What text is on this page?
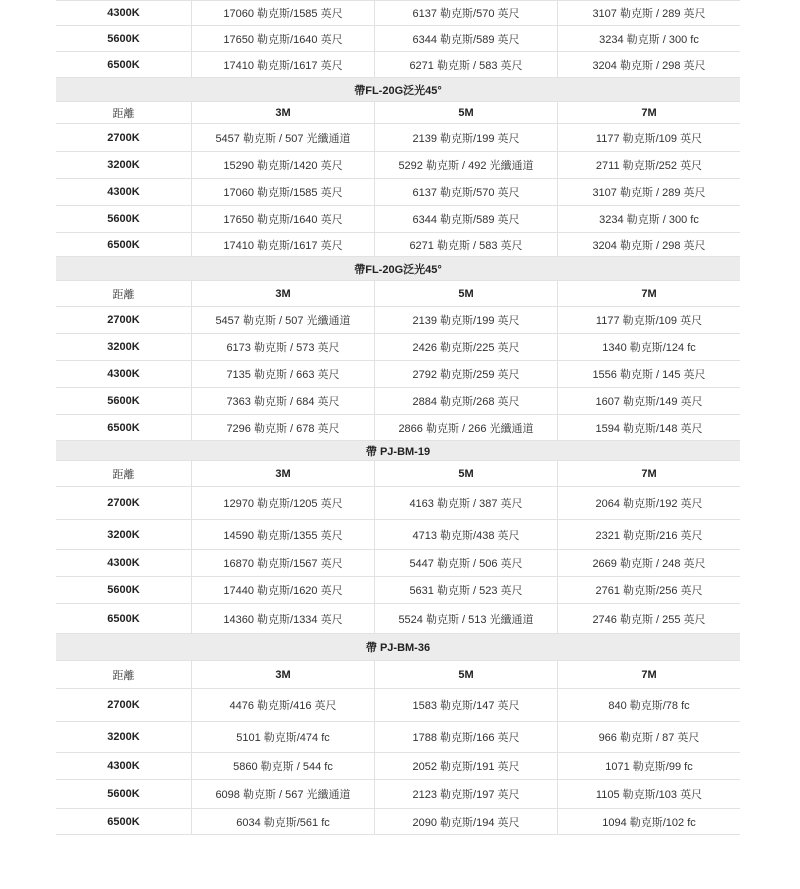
4300K	17060 勒克斯/1585 英尺	6137 勒克斯/570 英尺	3107 勒克斯 / 289 英尺
5600K	17650 勒克斯/1640 英尺	6344 勒克斯/589 英尺	3234 勒克斯 / 300 fc
6500K	17410 勒克斯/1617 英尺	6271 勒克斯 / 583 英尺	3204 勒克斯 / 298 英尺
帶FL-20G泛光45°
距離	3M	5M	7M
2700K	5457 勒克斯 / 507 光纖通道	2139 勒克斯/199 英尺	1177 勒克斯/109 英尺
3200K	15290 勒克斯/1420 英尺	5292 勒克斯 / 492 光纖通道	2711 勒克斯/252 英尺
4300K	17060 勒克斯/1585 英尺	6137 勒克斯/570 英尺	3107 勒克斯 / 289 英尺
5600K	17650 勒克斯/1640 英尺	6344 勒克斯/589 英尺	3234 勒克斯 / 300 fc
6500K	17410 勒克斯/1617 英尺	6271 勒克斯 / 583 英尺	3204 勒克斯 / 298 英尺
帶FL-20G泛光45°
距離	3M	5M	7M
2700K	5457 勒克斯 / 507 光纖通道	2139 勒克斯/199 英尺	1177 勒克斯/109 英尺
3200K	6173 勒克斯 / 573 英尺	2426 勒克斯/225 英尺	1340 勒克斯/124 fc
4300K	7135 勒克斯 / 663 英尺	2792 勒克斯/259 英尺	1556 勒克斯 / 145 英尺
5600K	7363 勒克斯 / 684 英尺	2884 勒克斯/268 英尺	1607 勒克斯/149 英尺
6500K	7296 勒克斯 / 678 英尺	2866 勒克斯 / 266 光纖通道	1594 勒克斯/148 英尺
帶 PJ-BM-19
距離	3M	5M	7M
2700K	12970 勒克斯/1205 英尺	4163 勒克斯 / 387 英尺	2064 勒克斯/192 英尺
3200K	14590 勒克斯/1355 英尺	4713 勒克斯/438 英尺	2321 勒克斯/216 英尺
4300K	16870 勒克斯/1567 英尺	5447 勒克斯 / 506 英尺	2669 勒克斯 / 248 英尺
5600K	17440 勒克斯/1620 英尺	5631 勒克斯 / 523 英尺	2761 勒克斯/256 英尺
6500K	14360 勒克斯/1334 英尺	5524 勒克斯 / 513 光纖通道	2746 勒克斯 / 255 英尺
帶 PJ-BM-36
距離	3M	5M	7M
2700K	4476 勒克斯/416 英尺	1583 勒克斯/147 英尺	840 勒克斯/78 fc
3200K	5101 勒克斯/474 fc	1788 勒克斯/166 英尺	966 勒克斯 / 87 英尺
4300K	5860 勒克斯 / 544 fc	2052 勒克斯/191 英尺	1071 勒克斯/99 fc
5600K	6098 勒克斯 / 567 光纖通道	2123 勒克斯/197 英尺	1105 勒克斯/103 英尺
6500K	6034 勒克斯/561 fc	2090 勒克斯/194 英尺	1094 勒克斯/102 fc
